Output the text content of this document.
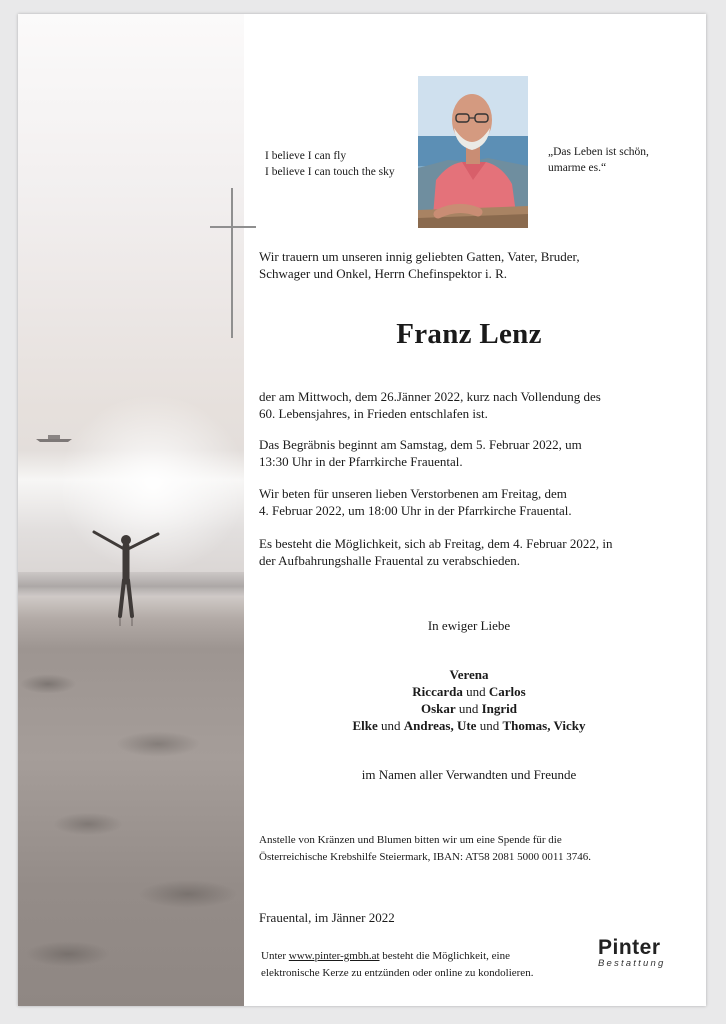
I believe I can fly
I believe I can touch the sky
„Das Leben ist schön,
umarme es.“
Wir trauern um unseren innig geliebten Gatten, Vater, Bruder,
Schwager und Onkel, Herrn Chefinspektor i. R.
Franz Lenz
der am Mittwoch, dem 26.Jänner 2022, kurz nach Vollendung des
60. Lebensjahres, in Frieden entschlafen ist.
Das Begräbnis beginnt am Samstag, dem 5. Februar 2022, um
13:30 Uhr in der Pfarrkirche Frauental.
Wir beten für unseren lieben Verstorbenen am Freitag, dem
4. Februar 2022, um 18:00 Uhr in der Pfarrkirche Frauental.
Es besteht die Möglichkeit, sich ab Freitag, dem 4. Februar 2022, in
der Aufbahrungshalle Frauental zu verabschieden.
In ewiger Liebe
Verena
Riccarda und Carlos
Oskar und Ingrid
Elke und Andreas, Ute und Thomas, Vicky
im Namen aller Verwandten und Freunde
Anstelle von Kränzen und Blumen bitten wir um eine Spende für die
Österreichische Krebshilfe Steiermark, IBAN: AT58 2081 5000 0011 3746.
Frauental, im Jänner 2022
Unter www.pinter-gmbh.at besteht die Möglichkeit, eine
elektronische Kerze zu entzünden oder online zu kondolieren.
Pinter
Bestattung
